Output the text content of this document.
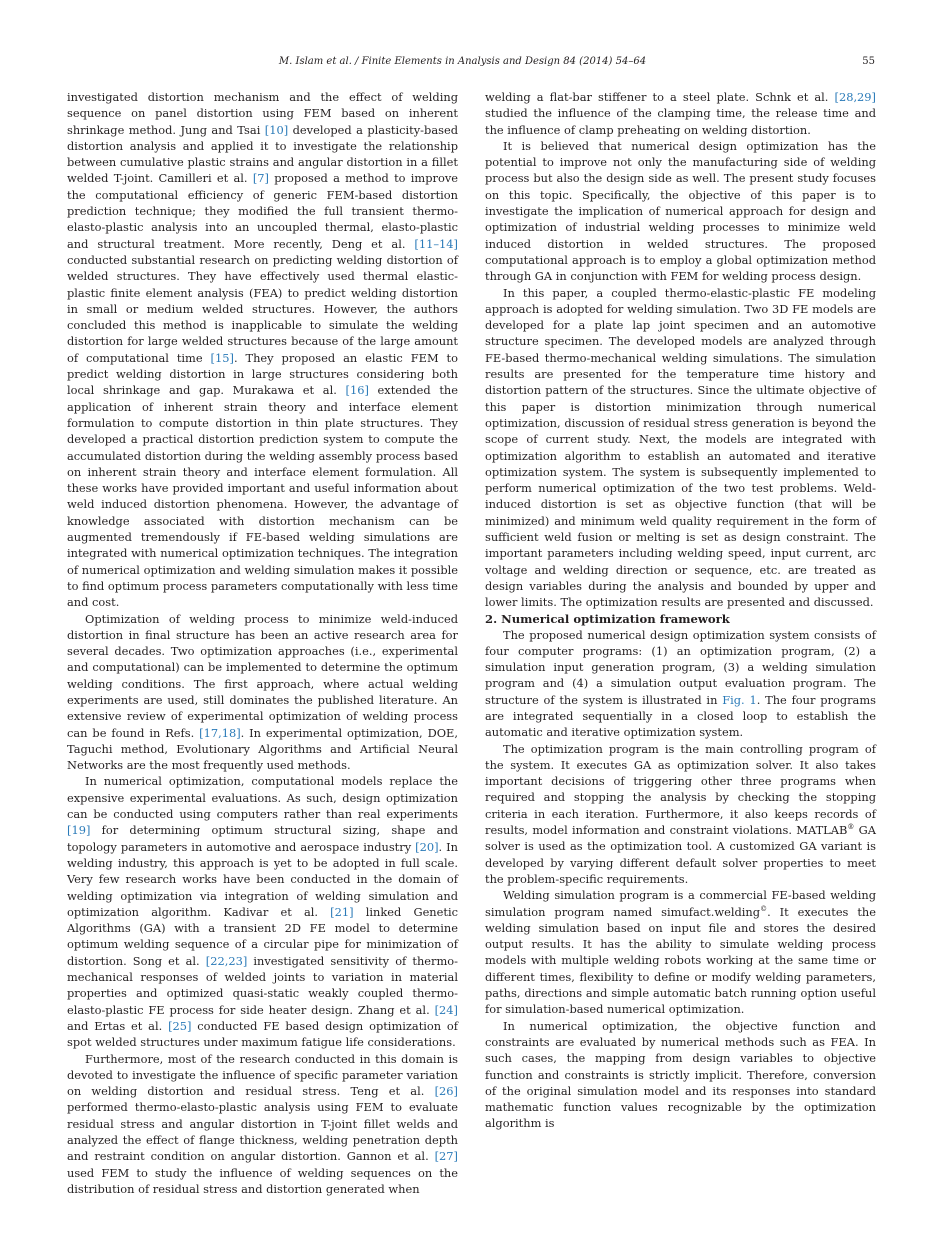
M. Islam et al. / Finite Elements in Analysis and Design 84 (2014) 54–64	55

investigated distortion mechanism and the effect of welding sequence on panel distortion using FEM based on inherent shrinkage method. Jung and Tsai [10] developed a plasticity-based distortion analysis and applied it to investigate the relationship between cumulative plastic strains and angular distortion in a fillet welded T-joint. Camilleri et al. [7] proposed a method to improve the computational efficiency of generic FEM-based distortion prediction technique; they modified the full transient thermo-elasto-plastic analysis into an uncoupled thermal, elasto-plastic and structural treatment. More recently, Deng et al. [11–14] conducted substantial research on predicting welding distortion of welded structures. They have effectively used thermal elastic-plastic finite element analysis (FEA) to predict welding distortion in small or medium welded structures. However, the authors concluded this method is inapplicable to simulate the welding distortion for large welded structures because of the large amount of computational time [15]. They proposed an elastic FEM to predict welding distortion in large structures considering both local shrinkage and gap. Murakawa et al. [16] extended the application of inherent strain theory and interface element formulation to compute distortion in thin plate structures. They developed a practical distortion prediction system to compute the accumulated distortion during the welding assembly process based on inherent strain theory and interface element formulation. All these works have provided important and useful information about weld induced distortion phenomena. However, the advantage of knowledge associated with distortion mechanism can be augmented tremendously if FE-based welding simulations are integrated with numerical optimization techniques. The integration of numerical optimization and welding simulation makes it possible to find optimum process parameters computationally with less time and cost.

Optimization of welding process to minimize weld-induced distortion in final structure has been an active research area for several decades. Two optimization approaches (i.e., experimental and computational) can be implemented to determine the optimum welding conditions. The first approach, where actual welding experiments are used, still dominates the published literature. An extensive review of experimental optimization of welding process can be found in Refs. [17,18]. In experimental optimization, DOE, Taguchi method, Evolutionary Algorithms and Artificial Neural Networks are the most frequently used methods.

In numerical optimization, computational models replace the expensive experimental evaluations. As such, design optimization can be conducted using computers rather than real experiments [19] for determining optimum structural sizing, shape and topology parameters in automotive and aerospace industry [20]. In welding industry, this approach is yet to be adopted in full scale. Very few research works have been conducted in the domain of welding optimization via integration of welding simulation and optimization algorithm. Kadivar et al. [21] linked Genetic Algorithms (GA) with a transient 2D FE model to determine optimum welding sequence of a circular pipe for minimization of distortion. Song et al. [22,23] investigated sensitivity of thermo-mechanical responses of welded joints to variation in material properties and optimized quasi-static weakly coupled thermo-elasto-plastic FE process for side heater design. Zhang et al. [24] and Ertas et al. [25] conducted FE based design optimization of spot welded structures under maximum fatigue life considerations.

Furthermore, most of the research conducted in this domain is devoted to investigate the influence of specific parameter variation on welding distortion and residual stress. Teng et al. [26] performed thermo-elasto-plastic analysis using FEM to evaluate residual stress and angular distortion in T-joint fillet welds and analyzed the effect of flange thickness, welding penetration depth and restraint condition on angular distortion. Gannon et al. [27] used FEM to study the influence of welding sequences on the distribution of residual stress and distortion generated when

welding a flat-bar stiffener to a steel plate. Schnk et al. [28,29] studied the influence of the clamping time, the release time and the influence of clamp preheating on welding distortion.

It is believed that numerical design optimization has the potential to improve not only the manufacturing side of welding process but also the design side as well. The present study focuses on this topic. Specifically, the objective of this paper is to investigate the implication of numerical approach for design and optimization of industrial welding processes to minimize weld induced distortion in welded structures. The proposed computational approach is to employ a global optimization method through GA in conjunction with FEM for welding process design.

In this paper, a coupled thermo-elastic-plastic FE modeling approach is adopted for welding simulation. Two 3D FE models are developed for a plate lap joint specimen and an automotive structure specimen. The developed models are analyzed through FE-based thermo-mechanical welding simulations. The simulation results are presented for the temperature time history and distortion pattern of the structures. Since the ultimate objective of this paper is distortion minimization through numerical optimization, discussion of residual stress generation is beyond the scope of current study. Next, the models are integrated with optimization algorithm to establish an automated and iterative optimization system. The system is subsequently implemented to perform numerical optimization of the two test problems. Weld-induced distortion is set as objective function (that will be minimized) and minimum weld quality requirement in the form of sufficient weld fusion or melting is set as design constraint. The important parameters including welding speed, input current, arc voltage and welding direction or sequence, etc. are treated as design variables during the analysis and bounded by upper and lower limits. The optimization results are presented and discussed.

2. Numerical optimization framework

The proposed numerical design optimization system consists of four computer programs: (1) an optimization program, (2) a simulation input generation program, (3) a welding simulation program and (4) a simulation output evaluation program. The structure of the system is illustrated in Fig. 1. The four programs are integrated sequentially in a closed loop to establish the automatic and iterative optimization system.

The optimization program is the main controlling program of the system. It executes GA as optimization solver. It also takes important decisions of triggering other three programs when required and stopping the analysis by checking the stopping criteria in each iteration. Furthermore, it also keeps records of results, model information and constraint violations. MATLAB® GA solver is used as the optimization tool. A customized GA variant is developed by varying different default solver properties to meet the problem-specific requirements.

Welding simulation program is a commercial FE-based welding simulation program named simufact.welding©. It executes the welding simulation based on input file and stores the desired output results. It has the ability to simulate welding process models with multiple welding robots working at the same time or different times, flexibility to define or modify welding parameters, paths, directions and simple automatic batch running option useful for simulation-based numerical optimization.

In numerical optimization, the objective function and constraints are evaluated by numerical methods such as FEA. In such cases, the mapping from design variables to objective function and constraints is strictly implicit. Therefore, conversion of the original simulation model and its responses into standard mathematic function values recognizable by the optimization algorithm is
